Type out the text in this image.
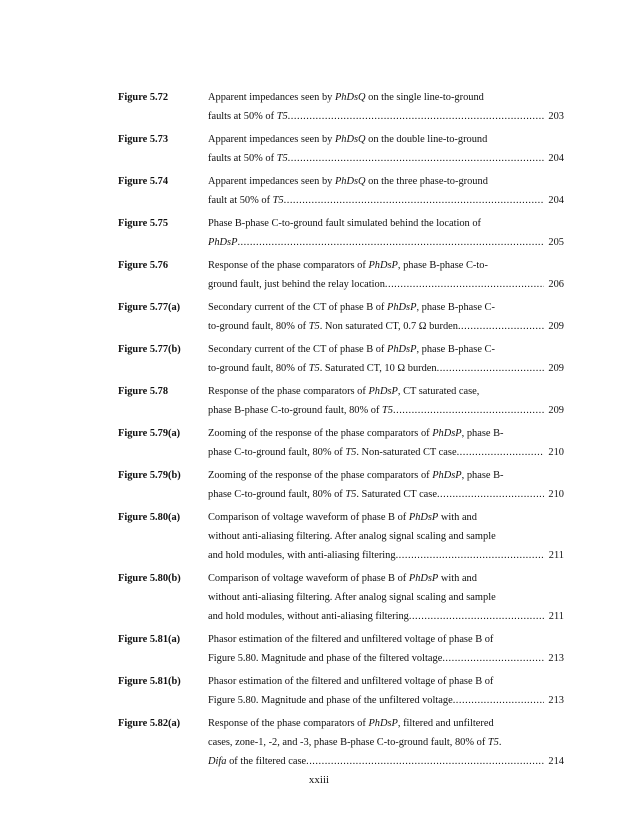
Figure 5.72	Apparent impedances seen by PhDsQ on the single line-to-ground
faults at 50% of T5 .....	203
Figure 5.73	Apparent impedances seen by PhDsQ on the double line-to-ground
faults at 50% of T5 .....	204
Figure 5.74	Apparent impedances seen by PhDsQ on the three phase-to-ground
fault at 50% of T5 .....	204
Figure 5.75	Phase B-phase C-to-ground fault simulated behind the location of
PhDsP .....	205
Figure 5.76	Response of the phase comparators of PhDsP, phase B-phase C-to-
ground fault, just behind the relay location .....	206
Figure 5.77(a)	Secondary current of the CT of phase B of PhDsP, phase B-phase C-
to-ground fault, 80% of T5. Non saturated CT, 0.7 Ω burden .....	209
Figure 5.77(b)	Secondary current of the CT of phase B of PhDsP, phase B-phase C-
to-ground fault, 80% of T5. Saturated CT, 10 Ω burden .....	209
Figure 5.78	Response of the phase comparators of PhDsP, CT saturated case,
phase B-phase C-to-ground fault, 80% of T5 .....	209
Figure 5.79(a)	Zooming of the response of the phase comparators of PhDsP, phase B-
phase C-to-ground fault, 80% of T5. Non-saturated CT case .....	210
Figure 5.79(b)	Zooming of the response of the phase comparators of PhDsP, phase B-
phase C-to-ground fault, 80% of T5. Saturated CT case .....	210
Figure 5.80(a)	Comparison of voltage waveform of phase B of PhDsP with and
without anti-aliasing filtering. After analog signal scaling and sample
and hold modules, with anti-aliasing filtering .....	211
Figure 5.80(b)	Comparison of voltage waveform of phase B of PhDsP with and
without anti-aliasing filtering. After analog signal scaling and sample
and hold modules, without anti-aliasing filtering .....	211
Figure 5.81(a)	Phasor estimation of the filtered and unfiltered voltage of phase B of
Figure 5.80. Magnitude and phase of the filtered voltage .....	213
Figure 5.81(b)	Phasor estimation of the filtered and unfiltered voltage of phase B of
Figure 5.80. Magnitude and phase of the unfiltered voltage .....	213
Figure 5.82(a)	Response of the phase comparators of PhDsP, filtered and unfiltered
cases, zone-1, -2, and -3, phase B-phase C-to-ground fault, 80% of T5.
Difa of the filtered case .....	214
xxiii
